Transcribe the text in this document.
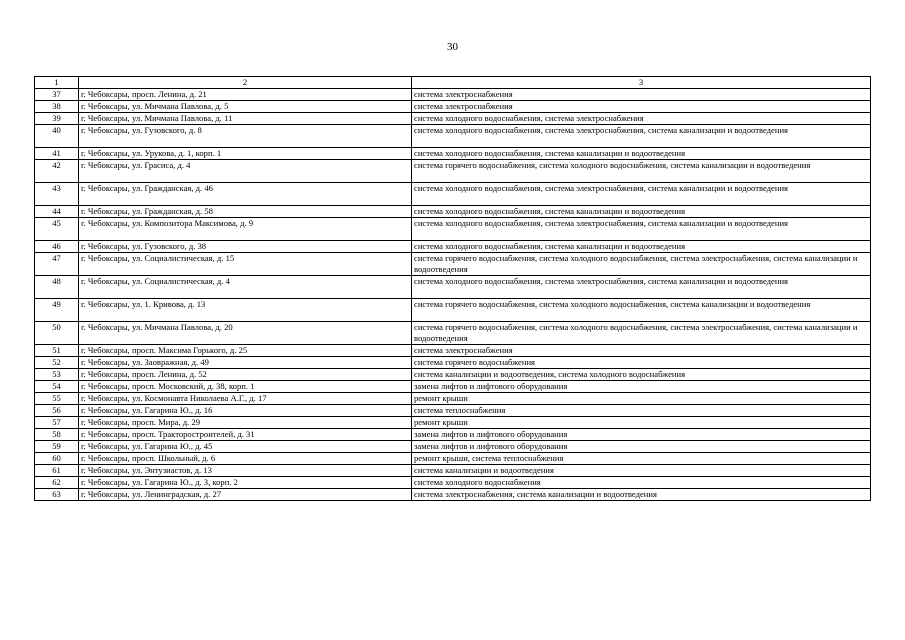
30
1	2	3
37	г. Чебоксары, просп. Ленина, д. 21	система электроснабжения
38	г. Чебоксары, ул. Мичмана Павлова, д. 5	система электроснабжения
39	г. Чебоксары, ул. Мичмана Павлова, д. 11	система холодного водоснабжения, система электроснабжения
40	г. Чебоксары, ул. Гузовского, д. 8	система холодного водоснабжения, система электроснабжения, система канализации и водоотведения
41	г. Чебоксары, ул. Урукова, д. 1, корп. 1	система холодного водоснабжения, система канализации и водоотведения
42	г. Чебоксары, ул. Грасиса, д. 4	система горячего водоснабжения, система холодного водоснабжения, система канализации и водоотведения
43	г. Чебоксары, ул. Гражданская, д. 46	система холодного водоснабжения, система электроснабжения, система канализации и водоотведения
44	г. Чебоксары, ул. Гражданская, д. 58	система холодного водоснабжения, система канализации и водоотведения
45	г. Чебоксары, ул. Композитора Максимова, д. 9	система холодного водоснабжения, система электроснабжения, система канализации и водоотведения
46	г. Чебоксары, ул. Гузовского, д. 38	система холодного водоснабжения, система канализации и водоотведения
47	г. Чебоксары, ул. Социалистическая, д. 15	система горячего водоснабжения, система холодного водоснабжения, система электроснабжения, система канализации и водоотведения
48	г. Чебоксары, ул. Социалистическая, д. 4	система холодного водоснабжения, система электроснабжения, система канализации и водоотведения
49	г. Чебоксары, ул. 1. Кривова, д. 13	система горячего водоснабжения, система холодного водоснабжения, система канализации и водоотведения
50	г. Чебоксары, ул. Мичмана Павлова, д. 20	система горячего водоснабжения, система холодного водоснабжения, система электроснабжения, система канализации и водоотведения
51	г. Чебоксары, просп. Максима Горького, д. 25	система электроснабжения
52	г. Чебоксары, ул. Заовражная, д. 49	система горячего водоснабжения
53	г. Чебоксары, просп. Ленина, д. 52	система канализации и водоотведения, система холодного водоснабжения
54	г. Чебоксары, просп. Московский, д. 38, корп. 1	замена лифтов и лифтового оборудования
55	г. Чебоксары, ул. Космонавта Николаева А.Г., д. 17	ремонт крыши
56	г. Чебоксары, ул. Гагарина Ю., д. 16	система теплоснабжения
57	г. Чебоксары, просп. Мира, д. 29	ремонт крыши
58	г. Чебоксары, просп. Тракторостроителей, д. 31	замена лифтов и лифтового оборудования
59	г. Чебоксары, ул. Гагарина Ю., д. 45	замена лифтов и лифтового оборудования
60	г. Чебоксары, просп. Школьный, д. 6	ремонт крыши, система теплоснабжения
61	г. Чебоксары, ул. Энтузиастов, д. 13	система канализации и водоотведения
62	г. Чебоксары, ул. Гагарина Ю., д. 3, корп. 2	система холодного водоснабжения
63	г. Чебоксары, ул. Ленинградская, д. 27	система электроснабжения, система канализации и водоотведения
